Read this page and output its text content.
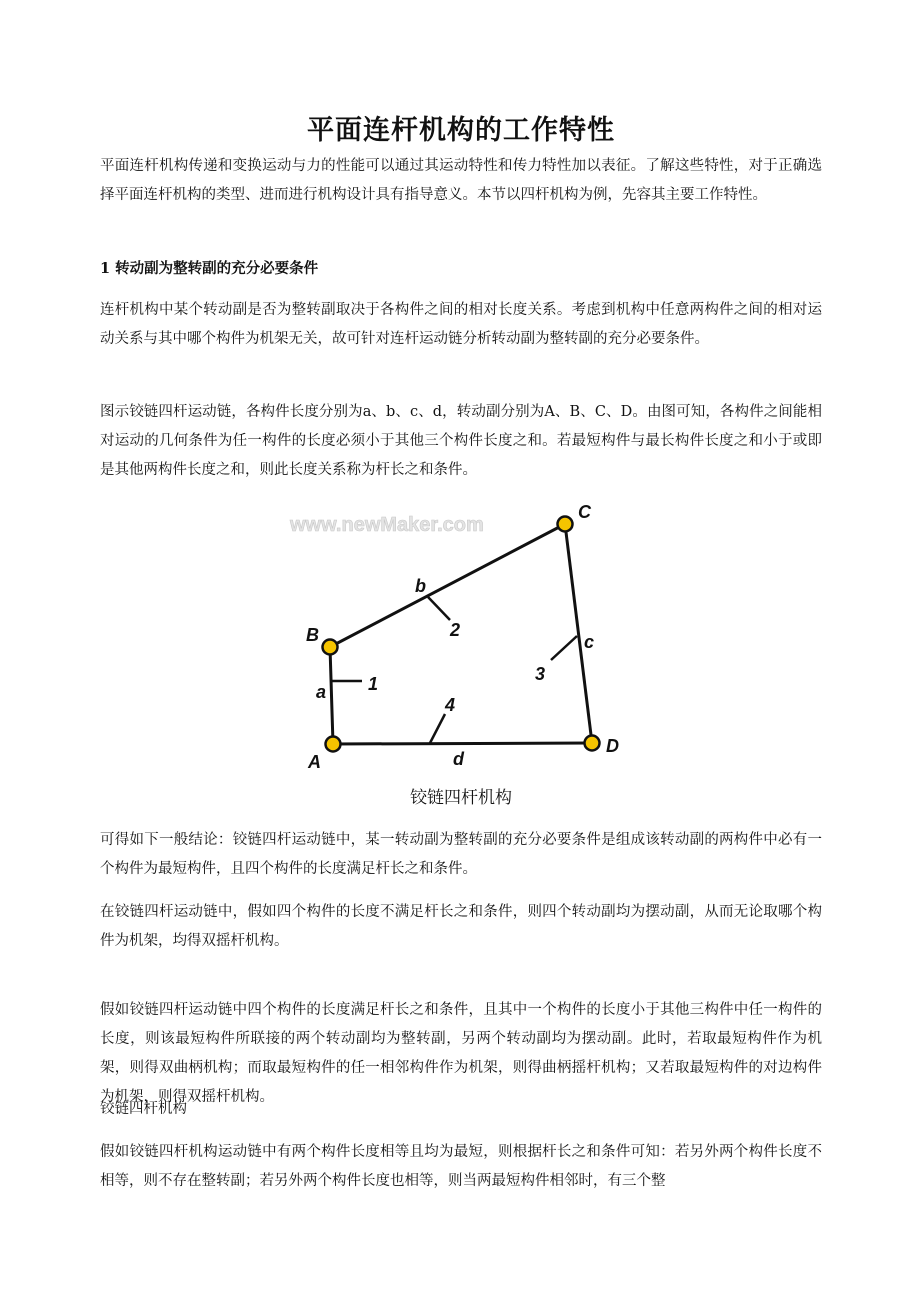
平面连杆机构的工作特性

平面连杆机构传递和变换运动与力的性能可以通过其运动特性和传力特性加以表征。了解这些特性，对于正确选择平面连杆机构的类型、进而进行机构设计具有指导意义。本节以四杆机构为例，先容其主要工作特性。

1 转动副为整转副的充分必要条件

连杆机构中某个转动副是否为整转副取决于各构件之间的相对长度关系。考虑到机构中任意两构件之间的相对运动关系与其中哪个构件为机架无关，故可针对连杆运动链分析转动副为整转副的充分必要条件。

图示铰链四杆运动链，各构件长度分别为a、b、c、d，转动副分别为A、B、C、D。由图可知，各构件之间能相对运动的几何条件为任一构件的长度必须小于其他三个构件长度之和。若最短构件与最长构件长度之和小于或即是其他两构件长度之和，则此长度关系称为杆长之和条件。

可得如下一般结论：铰链四杆运动链中，某一转动副为整转副的充分必要条件是组成该转动副的两构件中必有一个构件为最短构件，且四个构件的长度满足杆长之和条件。

在铰链四杆运动链中，假如四个构件的长度不满足杆长之和条件，则四个转动副均为摆动副，从而无论取哪个构件为机架，均得双摇杆机构。

假如铰链四杆运动链中四个构件的长度满足杆长之和条件，且其中一个构件的长度小于其他三构件中任一构件的长度，则该最短构件所联接的两个转动副均为整转副，另两个转动副均为摆动副。此时，若取最短构件作为机架，则得双曲柄机构；而取最短构件的任一相邻构件作为机架，则得曲柄摇杆机构；又若取最短构件的对边构件为机架，则得双摇杆机构。

铰链四杆机构

假如铰链四杆机构运动链中有两个构件长度相等且均为最短，则根据杆长之和条件可知：若另外两个构件长度不相等，则不存在整转副；若另外两个构件长度也相等，则当两最短构件相邻时，有三个整

铰链四杆机构
www.newMaker.com
A
B
C
D
a
b
c
d
1
2
3
4
